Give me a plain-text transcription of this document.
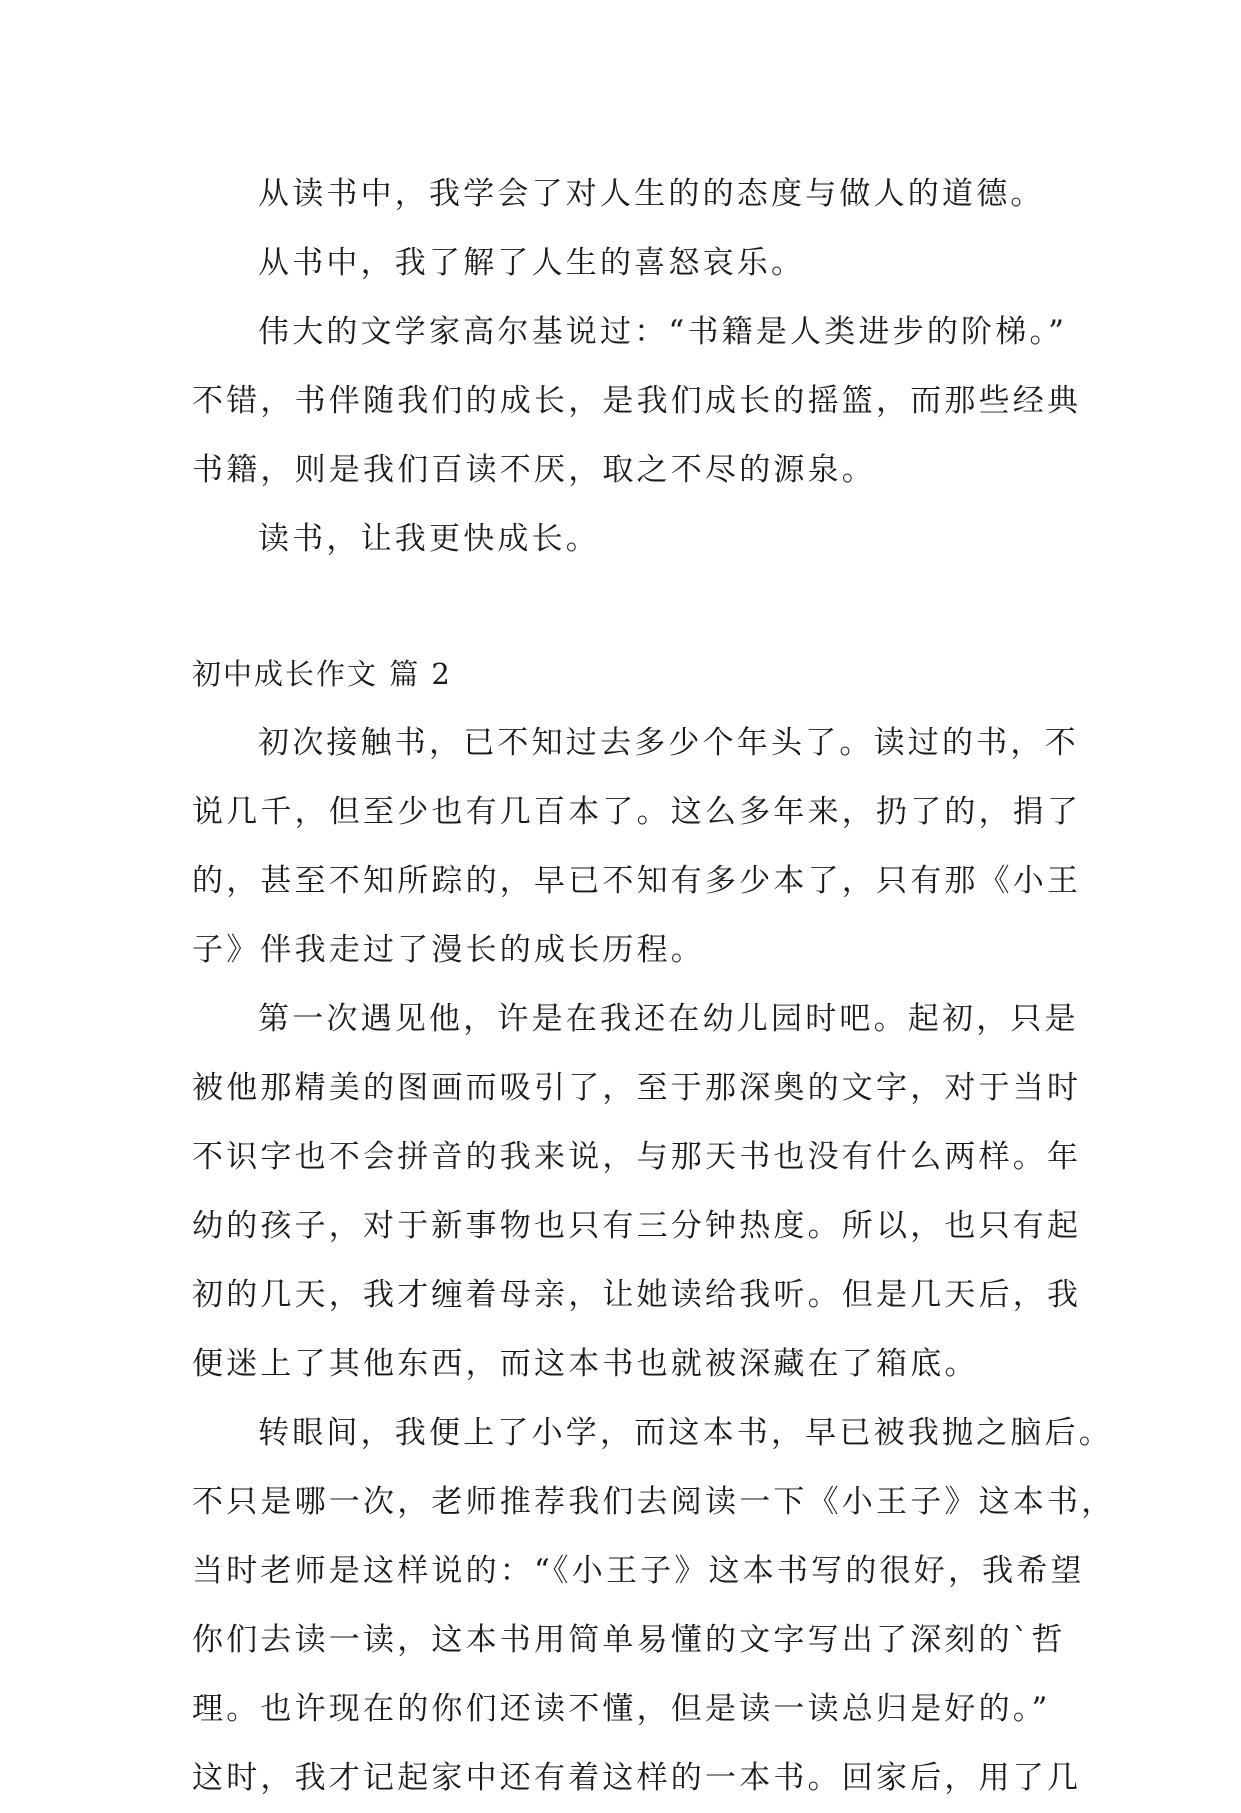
从读书中，我学会了对人生的的态度与做人的道德。
从书中，我了解了人生的喜怒哀乐。
伟大的文学家高尔基说过：“书籍是人类进步的阶梯。”
不错，书伴随我们的成长，是我们成长的摇篮，而那些经典
书籍，则是我们百读不厌，取之不尽的源泉。
读书，让我更快成长。
初中成长作文 篇 2
初次接触书，已不知过去多少个年头了。读过的书，不
说几千，但至少也有几百本了。这么多年来，扔了的，捐了
的，甚至不知所踪的，早已不知有多少本了，只有那《小王
子》伴我走过了漫长的成长历程。
第一次遇见他，许是在我还在幼儿园时吧。起初，只是
被他那精美的图画而吸引了，至于那深奥的文字，对于当时
不识字也不会拼音的我来说，与那天书也没有什么两样。年
幼的孩子，对于新事物也只有三分钟热度。所以，也只有起
初的几天，我才缠着母亲，让她读给我听。但是几天后，我
便迷上了其他东西，而这本书也就被深藏在了箱底。
转眼间，我便上了小学，而这本书，早已被我抛之脑后。
不只是哪一次，老师推荐我们去阅读一下《小王子》这本书，
当时老师是这样说的：“《小王子》这本书写的很好，我希望
你们去读一读，这本书用简单易懂的文字写出了深刻的`哲
理。也许现在的你们还读不懂，但是读一读总归是好的。”
这时，我才记起家中还有着这样的一本书。回家后，用了几
